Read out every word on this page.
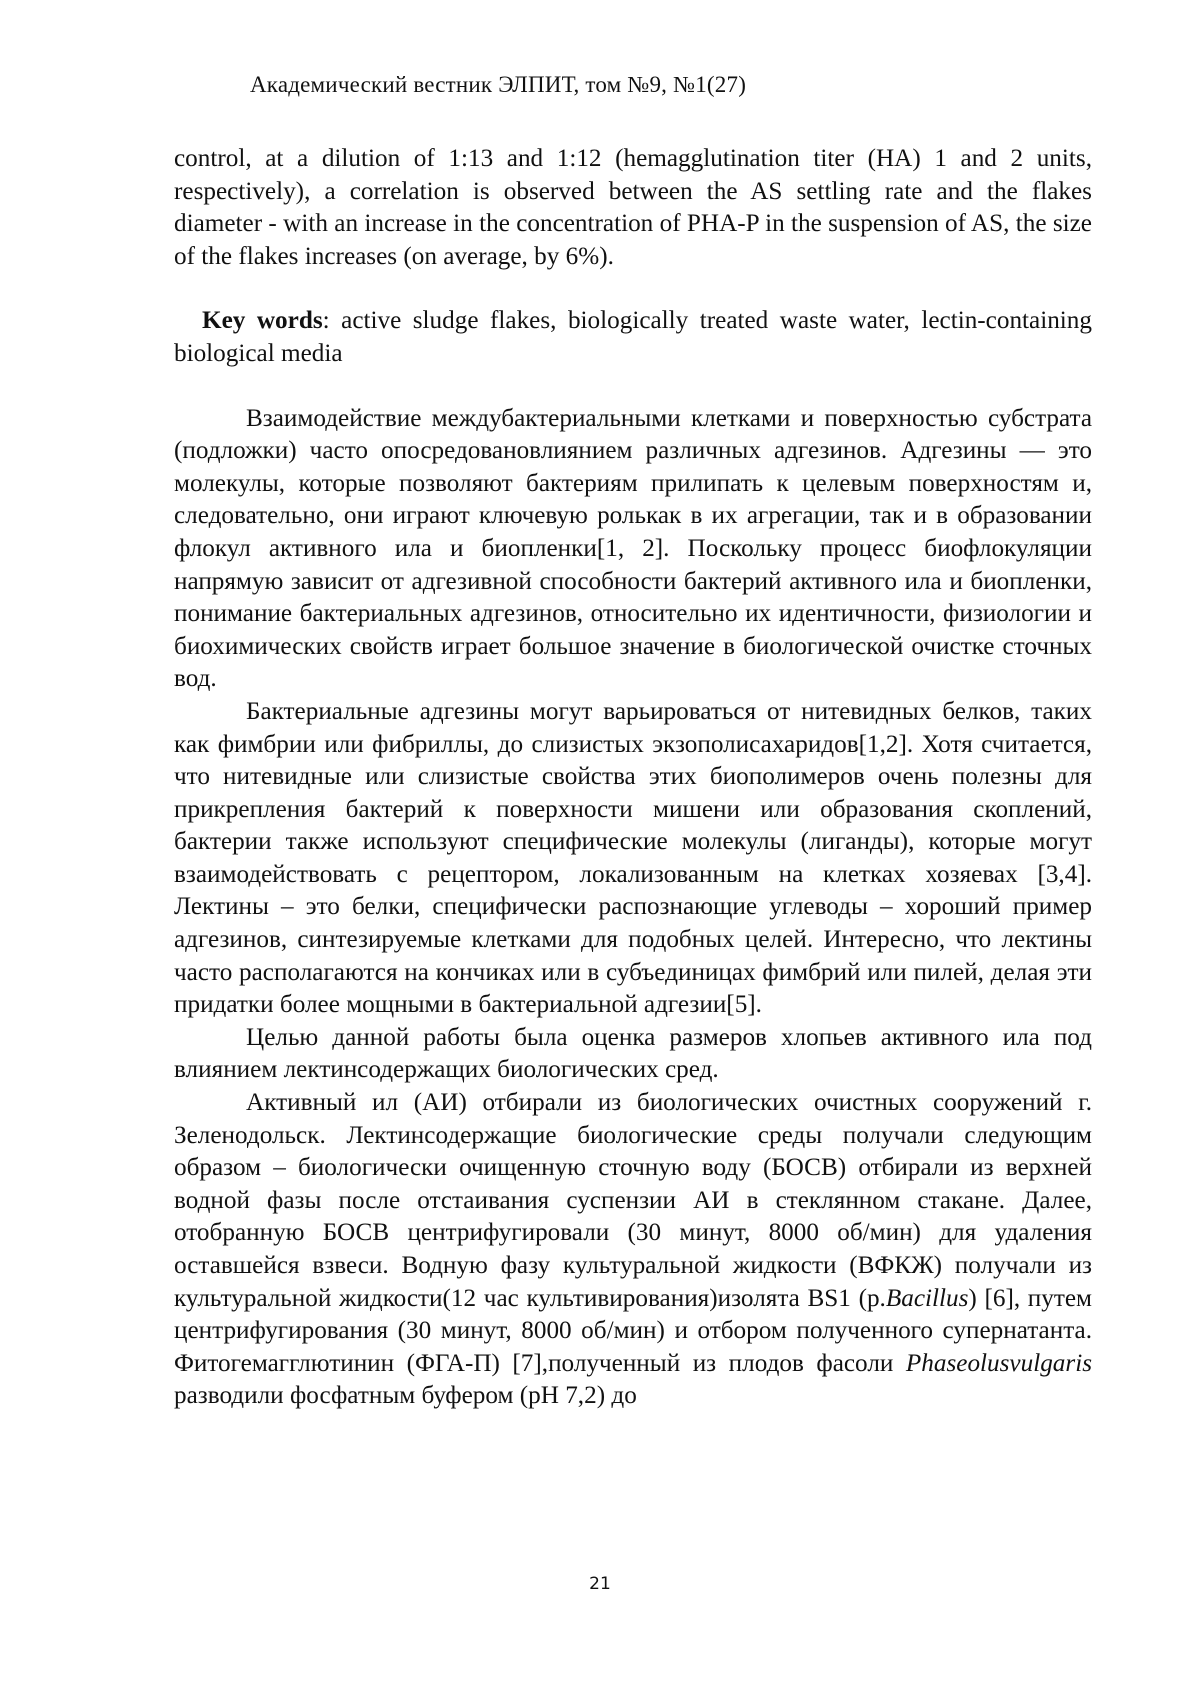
Академический вестник ЭЛПИТ, том №9, №1(27)

control, at a dilution of 1:13 and 1:12 (hemagglutination titer (HA) 1 and 2 units, respectively), a correlation is observed between the AS settling rate and the flakes diameter - with an increase in the concentration of PHA-P in the suspension of AS, the size of the flakes increases (on average, by 6%).

Key words: active sludge flakes, biologically treated waste water, lectin-containing biological media

Взаимодействие междубактериальными клетками и поверхностью субстрата (подложки) часто опосредовановлиянием различных адгезинов. Адгезины — это молекулы, которые позволяют бактериям прилипать к целевым поверхностям и, следовательно, они играют ключевую ролькак в их агрегации, так и в образовании флокул активного ила и биопленки[1, 2]. Поскольку процесс биофлокуляции напрямую зависит от адгезивной способности бактерий активного ила и биопленки, понимание бактериальных адгезинов, относительно их идентичности, физиологии и биохимических свойств играет большое значение в биологической очистке сточных вод.

Бактериальные адгезины могут варьироваться от нитевидных белков, таких как фимбрии или фибриллы, до слизистых экзополисахаридов[1,2]. Хотя считается, что нитевидные или слизистые свойства этих биополимеров очень полезны для прикрепления бактерий к поверхности мишени или образования скоплений, бактерии также используют специфические молекулы (лиганды), которые могут взаимодействовать с рецептором, локализованным на клетках хозяевах [3,4]. Лектины – это белки, специфически распознающие углеводы – хороший пример адгезинов, синтезируемые клетками для подобных целей. Интересно, что лектины часто располагаются на кончиках или в субъединицах фимбрий или пилей, делая эти придатки более мощными в бактериальной адгезии[5].

Целью данной работы была оценка размеров хлопьев активного ила под влиянием лектинсодержащих биологических сред.

Активный ил (АИ) отбирали из биологических очистных сооружений г. Зеленодольск. Лектинсодержащие биологические среды получали следующим образом – биологически очищенную сточную воду (БОСВ) отбирали из верхней водной фазы после отстаивания суспензии АИ в стеклянном стакане. Далее, отобранную БОСВ центрифугировали (30 минут, 8000 об/мин) для удаления оставшейся взвеси. Водную фазу культуральной жидкости (ВФКЖ) получали из культуральной жидкости(12 час культивирования)изолята BS1 (р.Bacillus) [6], путем центрифугирования (30 минут, 8000 об/мин) и отбором полученного супернатанта. Фитогемагглютинин (ФГА-П) [7],полученный из плодов фасоли Phaseolusvulgaris разводили фосфатным буфером (рН 7,2) до

21
